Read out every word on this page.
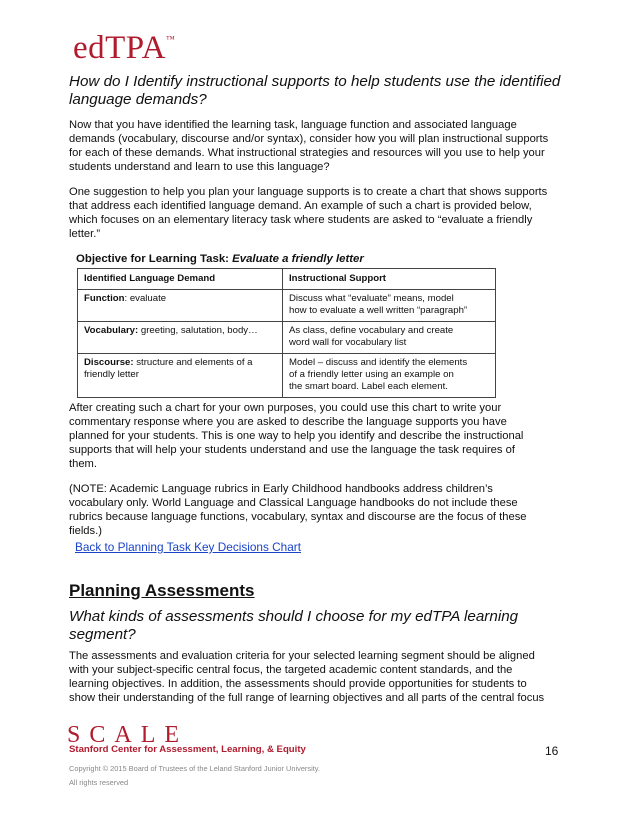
edTPA™
How do I Identify instructional supports to help students use the identified
language demands?
Now that you have identified the learning task, language function and associated language
demands (vocabulary, discourse and/or syntax), consider how you will plan instructional supports
for each of these demands. What instructional strategies and resources will you use to help your
students understand and learn to use this language?
One suggestion to help you plan your language supports is to create a chart that shows supports
that address each identified language demand. An example of such a chart is provided below,
which focuses on an elementary literacy task where students are asked to “evaluate a friendly
letter.”
Objective for Learning Task: Evaluate a friendly letter
Identified Language Demand	Instructional Support
Function: evaluate	Discuss what “evaluate” means, model
how to evaluate a well written “paragraph”

Vocabulary: greeting, salutation, body…	As class, define vocabulary and create
word wall for vocabulary list

Discourse: structure and elements of a
friendly letter	Model – discuss and identify the elements
of a friendly letter using an example on
the smart board. Label each element.
After creating such a chart for your own purposes, you could use this chart to write your
commentary response where you are asked to describe the language supports you have
planned for your students. This is one way to help you identify and describe the instructional
supports that will help your students understand and use the language the task requires of
them.
(NOTE: Academic Language rubrics in Early Childhood handbooks address children’s
vocabulary only. World Language and Classical Language handbooks do not include these
rubrics because language functions, vocabulary, syntax and discourse are the focus of these
fields.)
Back to Planning Task Key Decisions Chart
Planning Assessments
What kinds of assessments should I choose for my edTPA learning
segment?
The assessments and evaluation criteria for your selected learning segment should be aligned
with your subject-specific central focus, the targeted academic content standards, and the
learning objectives. In addition, the assessments should provide opportunities for students to
show their understanding of the full range of learning objectives and all parts of the central focus
SCALE
Stanford Center for Assessment, Learning, & Equity
Copyright © 2015 Board of Trustees of the Leland Stanford Junior University.
All rights reserved
16
